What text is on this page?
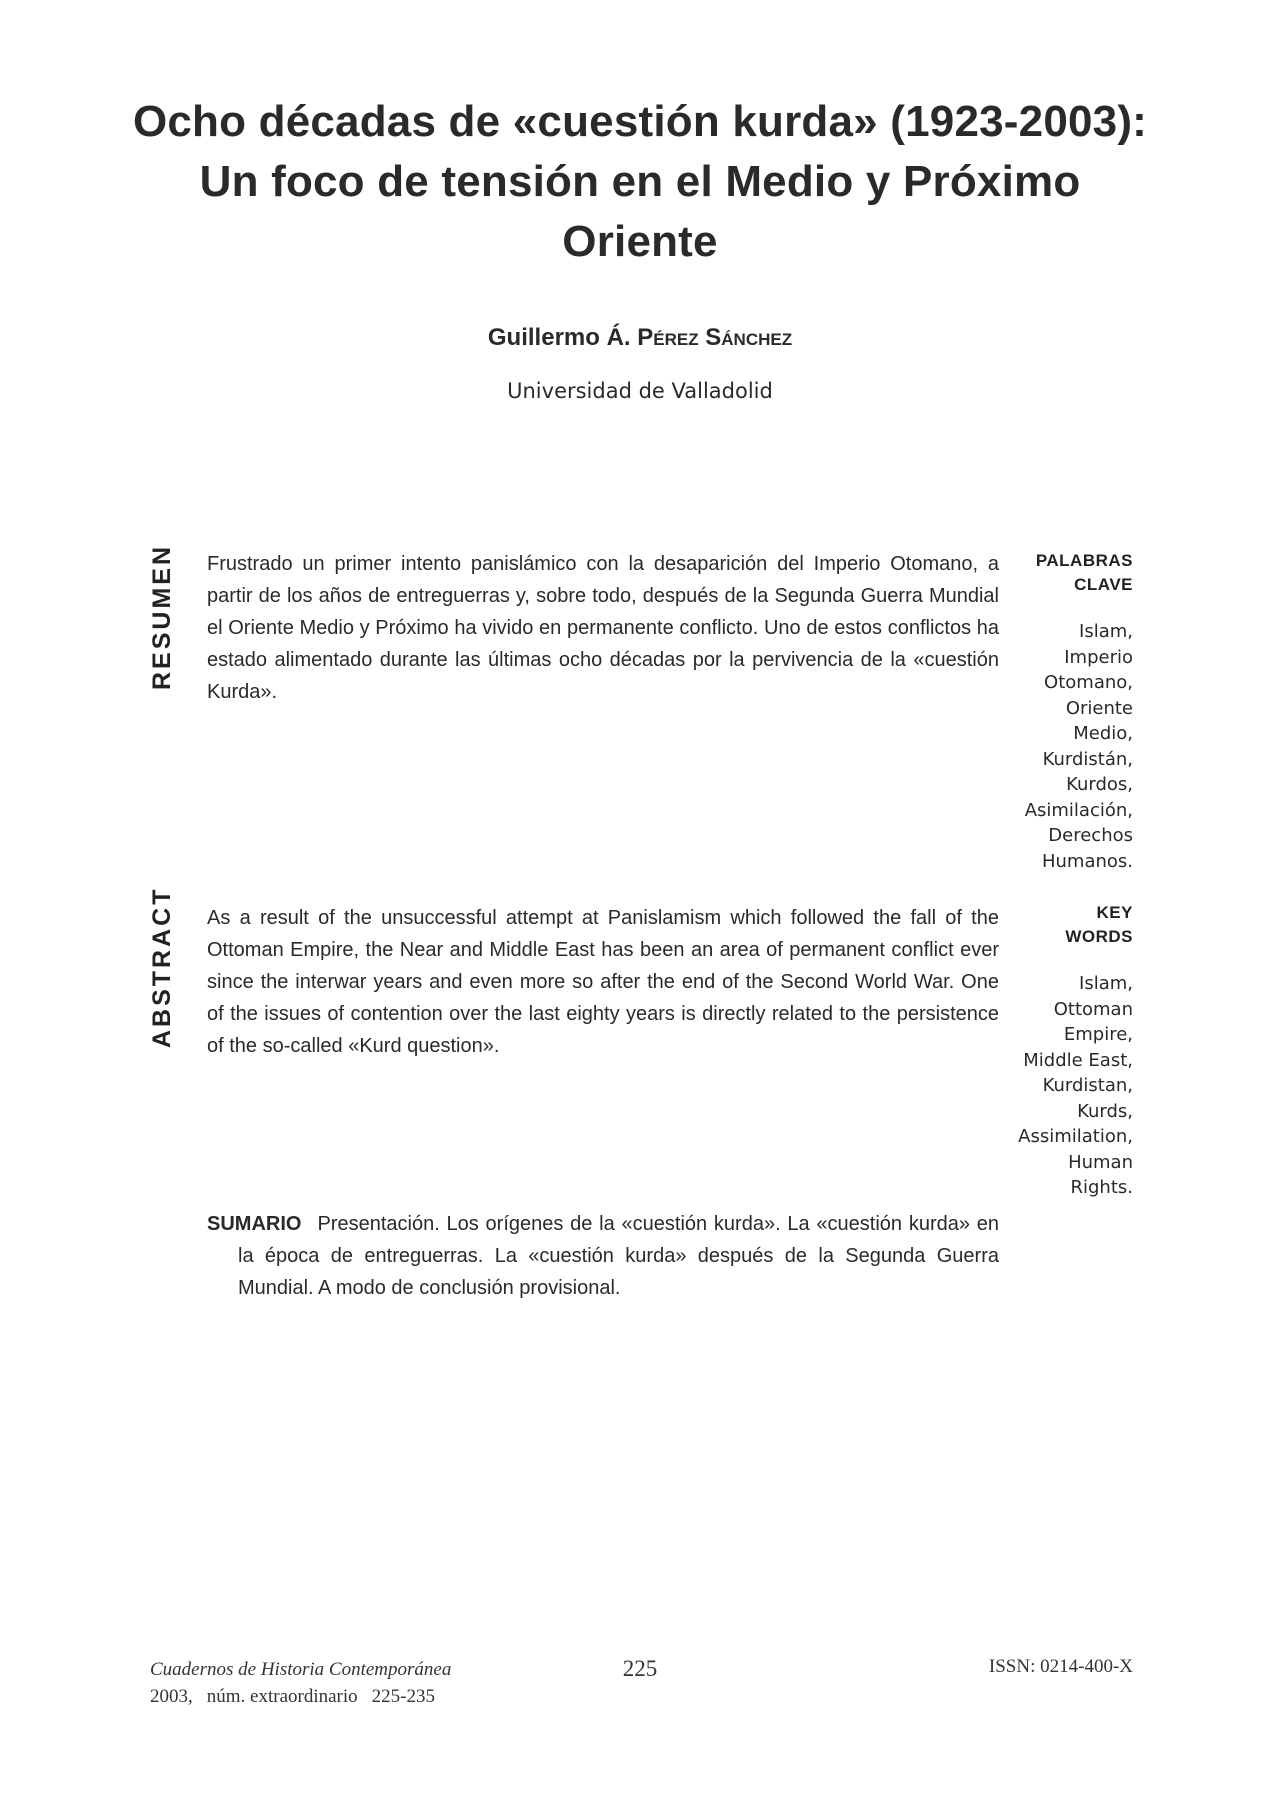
Ocho décadas de «cuestión kurda» (1923-2003):
Un foco de tensión en el Medio y Próximo
Oriente
Guillermo Á. Pérez Sánchez
Universidad de Valladolid
RESUMEN Frustrado un primer intento panislámico con la desaparición del Imperio Otomano, a partir de los años de entreguerras y, sobre todo, después de la Segunda Guerra Mundial el Oriente Medio y Próximo ha vivido en permanente conflicto. Uno de estos conflictos ha estado alimentado durante las últimas ocho décadas por la pervivencia de la «cuestión Kurda».
PALABRAS
CLAVE
Islam,
Imperio
Otomano,
Oriente
Medio,
Kurdistán,
Kurdos,
Asimilación,
Derechos
Humanos.
ABSTRACT As a result of the unsuccessful attempt at Panislamism which followed the fall of the Ottoman Empire, the Near and Middle East has been an area of permanent conflict ever since the interwar years and even more so after the end of the Second World War. One of the issues of contention over the last eighty years is directly related to the persistence of the so-called «Kurd question».
KEY
WORDS
Islam,
Ottoman
Empire,
Middle East,
Kurdistan,
Kurds,
Assimilation,
Human
Rights.
SUMARIO Presentación. Los orígenes de la «cuestión kurda». La «cuestión kurda» en la época de entreguerras. La «cuestión kurda» después de la Segunda Guerra Mundial. A modo de conclusión provisional.
Cuadernos de Historia Contemporánea
2003, núm. extraordinario 225-235
225	ISSN: 0214-400-X
